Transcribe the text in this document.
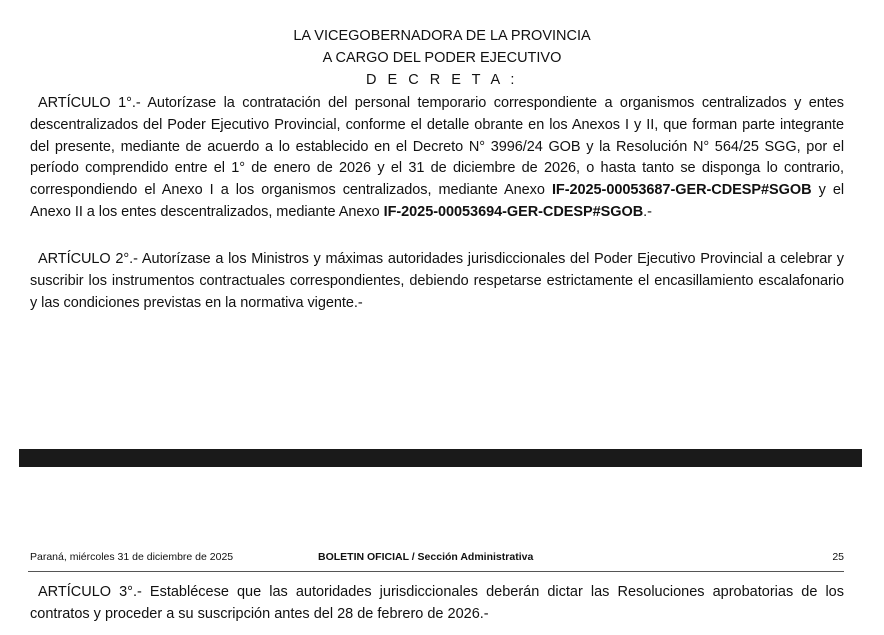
LA VICEGOBERNADORA DE LA PROVINCIA
A CARGO DEL PODER EJECUTIVO
D E C R E T A :

ARTÍCULO 1°.- Autorízase la contratación del personal temporario correspondiente a organismos centralizados y entes descentralizados del Poder Ejecutivo Provincial, conforme el detalle obrante en los Anexos I y II, que forman parte integrante del presente, mediante de acuerdo a lo establecido en el Decreto N° 3996/24 GOB y la Resolución N° 564/25 SGG, por el período comprendido entre el 1° de enero de 2026 y el 31 de diciembre de 2026, o hasta tanto se disponga lo contrario, correspondiendo el Anexo I a los organismos centralizados, mediante Anexo IF-2025-00053687-GER-CDESP#SGOB y el Anexo II a los entes descentralizados, mediante Anexo IF-2025-00053694-GER-CDESP#SGOB.-

ARTÍCULO 2°.- Autorízase a los Ministros y máximas autoridades jurisdiccionales del Poder Ejecutivo Provincial a celebrar y suscribir los instrumentos contractuales correspondientes, debiendo respetarse estrictamente el encasillamiento escalafonario y las condiciones previstas en la normativa vigente.-

Paraná, miércoles 31 de diciembre de 2025	BOLETIN OFICIAL / Sección Administrativa	25

ARTÍCULO 3°.- Establécese que las autoridades jurisdiccionales deberán dictar las Resoluciones aprobatorias de los contratos y proceder a su suscripción antes del 28 de febrero de 2026.-
